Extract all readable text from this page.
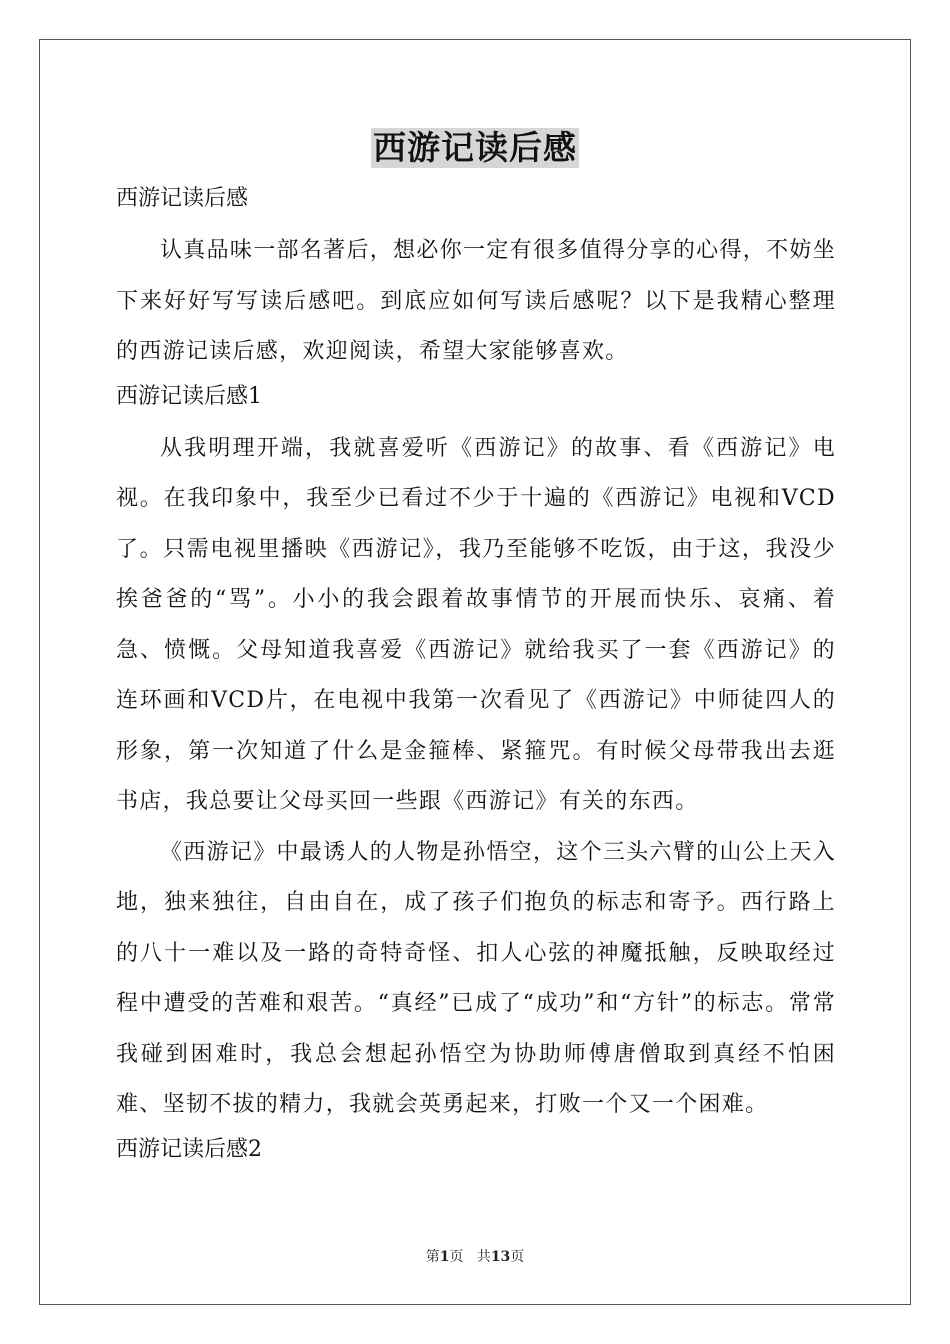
西游记读后感

西游记读后感

认真品味一部名著后，想必你一定有很多值得分享的心得，不妨坐下来好好写写读后感吧。到底应如何写读后感呢？以下是我精心整理的西游记读后感，欢迎阅读，希望大家能够喜欢。

西游记读后感1

从我明理开端，我就喜爱听《西游记》的故事、看《西游记》电视。在我印象中，我至少已看过不少于十遍的《西游记》电视和VCD了。只需电视里播映《西游记》，我乃至能够不吃饭，由于这，我没少挨爸爸的“骂”。小小的我会跟着故事情节的开展而快乐、哀痛、着急、愤慨。父母知道我喜爱《西游记》就给我买了一套《西游记》的连环画和VCD片，在电视中我第一次看见了《西游记》中师徒四人的形象，第一次知道了什么是金箍棒、紧箍咒。有时候父母带我出去逛书店，我总要让父母买回一些跟《西游记》有关的东西。

《西游记》中最诱人的人物是孙悟空，这个三头六臂的山公上天入地，独来独往，自由自在，成了孩子们抱负的标志和寄予。西行路上的八十一难以及一路的奇特奇怪、扣人心弦的神魔抵触，反映取经过程中遭受的苦难和艰苦。“真经”已成了“成功”和“方针”的标志。常常我碰到困难时，我总会想起孙悟空为协助师傅唐僧取到真经不怕困难、坚韧不拔的精力，我就会英勇起来，打败一个又一个困难。

西游记读后感2

第1页 共13页
